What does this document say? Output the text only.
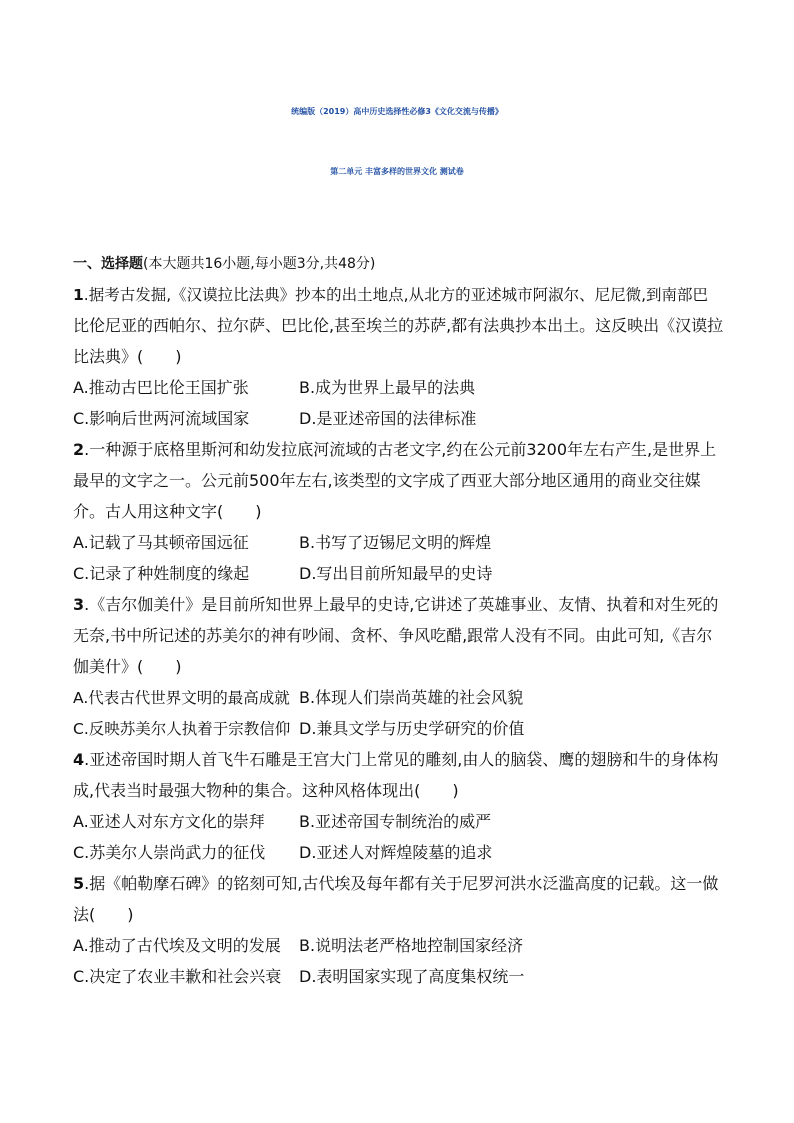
统编版（2019）高中历史选择性必修3《文化交流与传播》
第二单元 丰富多样的世界文化 测试卷
一、选择题(本大题共16小题,每小题3分,共48分)
1.据考古发掘,《汉谟拉比法典》抄本的出土地点,从北方的亚述城市阿淑尔、尼尼微,到南部巴
比伦尼亚的西帕尔、拉尔萨、巴比伦,甚至埃兰的苏萨,都有法典抄本出土。这反映出《汉谟拉
比法典》(　　)
A.推动古巴比伦王国扩张	B.成为世界上最早的法典
C.影响后世两河流域国家	D.是亚述帝国的法律标准
2.一种源于底格里斯河和幼发拉底河流域的古老文字,约在公元前3200年左右产生,是世界上
最早的文字之一。公元前500年左右,该类型的文字成了西亚大部分地区通用的商业交往媒
介。古人用这种文字(　　)
A.记载了马其顿帝国远征	B.书写了迈锡尼文明的辉煌
C.记录了种姓制度的缘起	D.写出目前所知最早的史诗
3.《吉尔伽美什》是目前所知世界上最早的史诗,它讲述了英雄事业、友情、执着和对生死的
无奈,书中所记述的苏美尔的神有吵闹、贪杯、争风吃醋,跟常人没有不同。由此可知,《吉尔
伽美什》(　　)
A.代表古代世界文明的最高成就 B.体现人们崇尚英雄的社会风貌
C.反映苏美尔人执着于宗教信仰 D.兼具文学与历史学研究的价值
4.亚述帝国时期人首飞牛石雕是王宫大门上常见的雕刻,由人的脑袋、鹰的翅膀和牛的身体构
成,代表当时最强大物种的集合。这种风格体现出(　　)
A.亚述人对东方文化的崇拜 B.亚述帝国专制统治的威严
C.苏美尔人崇尚武力的征伐 D.亚述人对辉煌陵墓的追求
5.据《帕勒摩石碑》的铭刻可知,古代埃及每年都有关于尼罗河洪水泛滥高度的记载。这一做
法(　　)
A.推动了古代埃及文明的发展 B.说明法老严格地控制国家经济
C.决定了农业丰歉和社会兴衰 D.表明国家实现了高度集权统一
